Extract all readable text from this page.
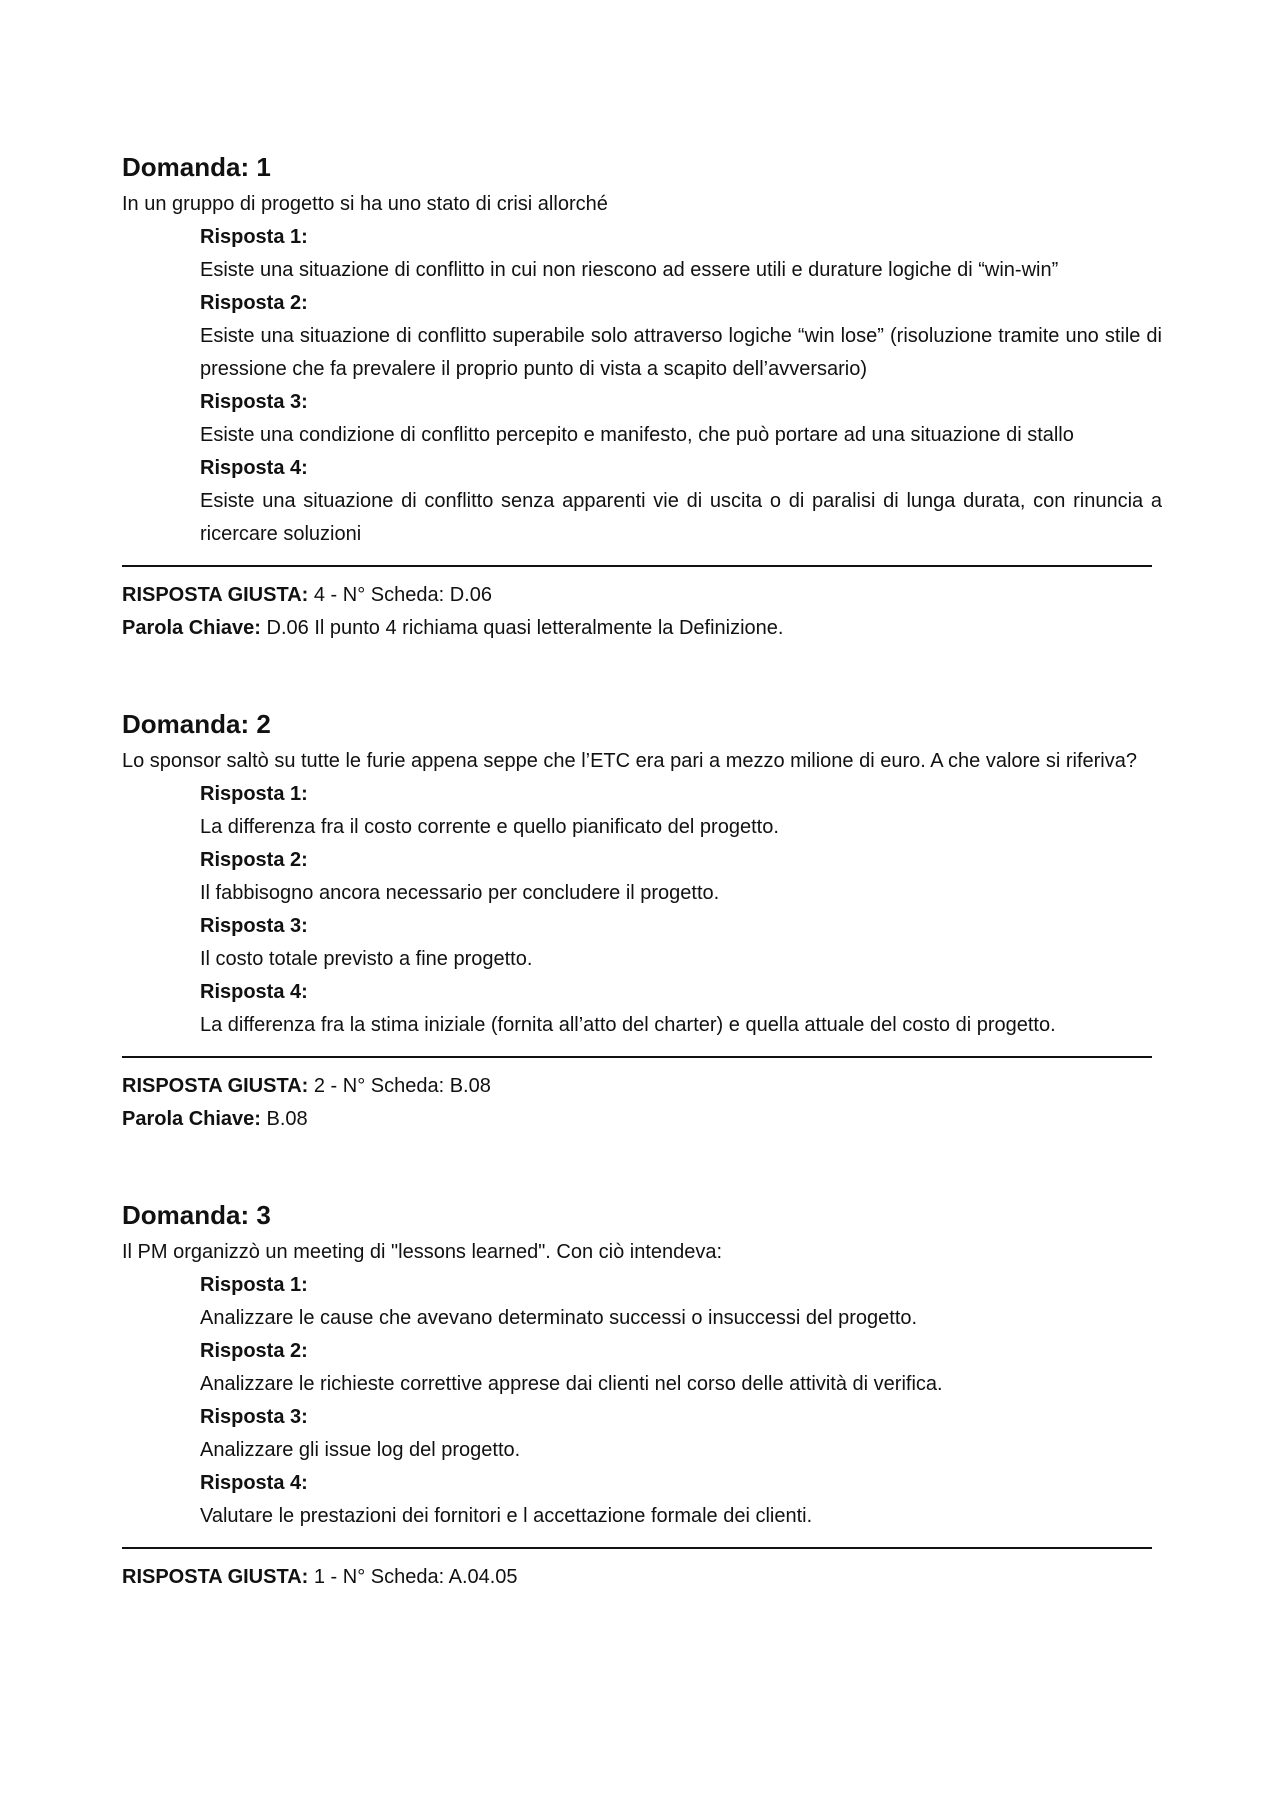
Domanda: 1
In un gruppo di progetto si ha uno stato di crisi allorché
Risposta 1:
Esiste una situazione di conflitto in cui non riescono ad essere utili e durature logiche di “win-win”
Risposta 2:
Esiste una situazione di conflitto superabile solo attraverso logiche “win lose” (risoluzione tramite uno stile di pressione che fa prevalere il proprio punto di vista a scapito dell’avversario)
Risposta 3:
Esiste una condizione di conflitto percepito e manifesto, che può portare ad una situazione di stallo
Risposta 4:
Esiste una situazione di conflitto senza apparenti vie di uscita o di paralisi di lunga durata, con rinuncia a ricercare soluzioni
RISPOSTA GIUSTA: 4 - N° Scheda: D.06
Parola Chiave: D.06 Il punto 4 richiama quasi letteralmente la Definizione.
Domanda: 2
Lo sponsor saltò su tutte le furie appena seppe che l’ETC era pari a mezzo milione di euro. A che valore si riferiva?
Risposta 1:
La differenza fra il costo corrente e quello pianificato del progetto.
Risposta 2:
Il fabbisogno ancora necessario per concludere il progetto.
Risposta 3:
Il costo totale previsto a fine progetto.
Risposta 4:
La differenza fra la stima iniziale (fornita all’atto del charter) e quella attuale del costo di progetto.
RISPOSTA GIUSTA: 2 - N° Scheda: B.08
Parola Chiave: B.08
Domanda: 3
Il PM organizzò un meeting di "lessons learned". Con ciò intendeva:
Risposta 1:
Analizzare le cause che avevano determinato successi o insuccessi del progetto.
Risposta 2:
Analizzare le richieste correttive apprese dai clienti nel corso delle attività di verifica.
Risposta 3:
Analizzare gli issue log del progetto.
Risposta 4:
Valutare le prestazioni dei fornitori e l accettazione formale dei clienti.
RISPOSTA GIUSTA: 1 - N° Scheda: A.04.05
